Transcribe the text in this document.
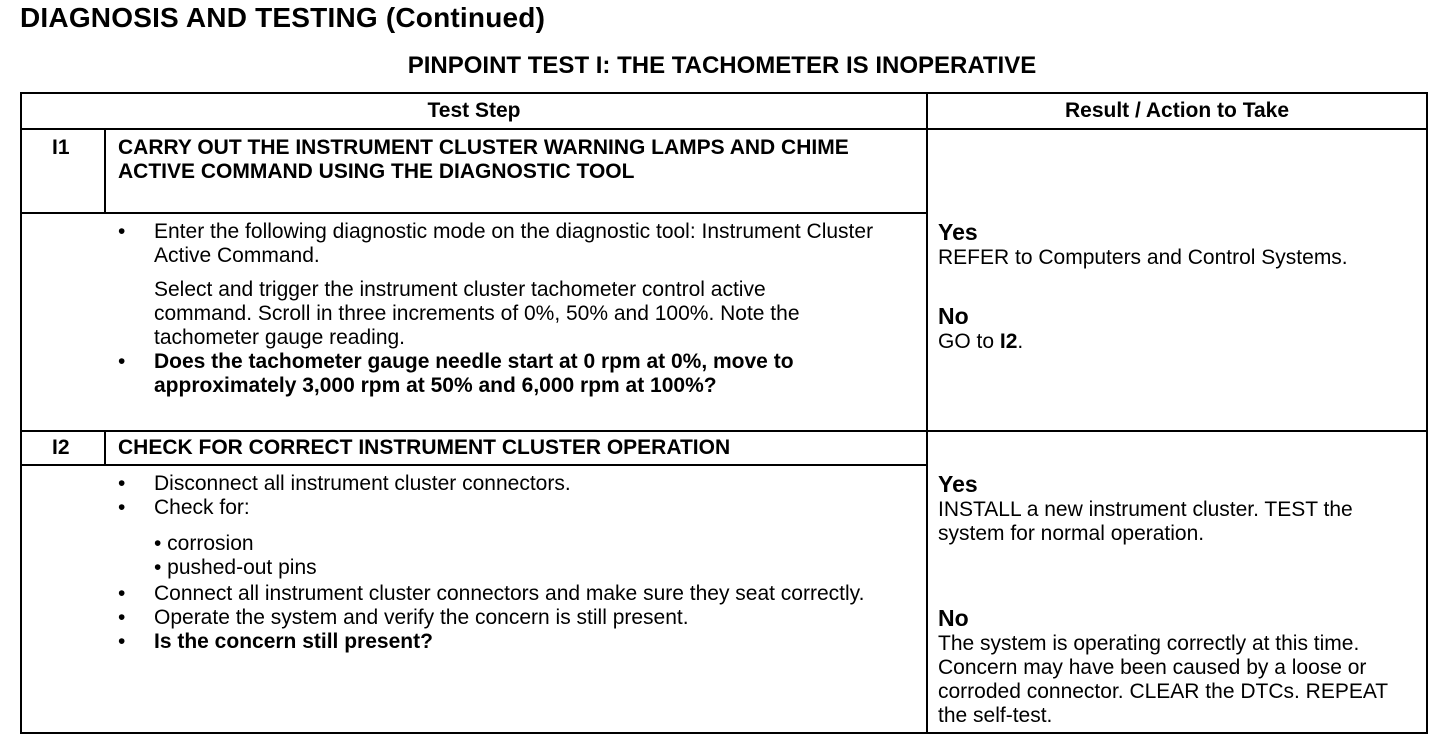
DIAGNOSIS AND TESTING (Continued)
PINPOINT TEST I: THE TACHOMETER IS INOPERATIVE
Test Step	Result / Action to Take
I1 CARRY OUT THE INSTRUMENT CLUSTER WARNING LAMPS AND CHIME ACTIVE COMMAND USING THE DIAGNOSTIC TOOL
• Enter the following diagnostic mode on the diagnostic tool: Instrument Cluster Active Command.
Select and trigger the instrument cluster tachometer control active command. Scroll in three increments of 0%, 50% and 100%. Note the tachometer gauge reading.
• Does the tachometer gauge needle start at 0 rpm at 0%, move to approximately 3,000 rpm at 50% and 6,000 rpm at 100%?
Yes
REFER to Computers and Control Systems.
No
GO to I2.
I2 CHECK FOR CORRECT INSTRUMENT CLUSTER OPERATION
• Disconnect all instrument cluster connectors.
• Check for:
• corrosion
• pushed-out pins
• Connect all instrument cluster connectors and make sure they seat correctly.
• Operate the system and verify the concern is still present.
• Is the concern still present?
Yes
INSTALL a new instrument cluster. TEST the system for normal operation.
No
The system is operating correctly at this time. Concern may have been caused by a loose or corroded connector. CLEAR the DTCs. REPEAT the self-test.
